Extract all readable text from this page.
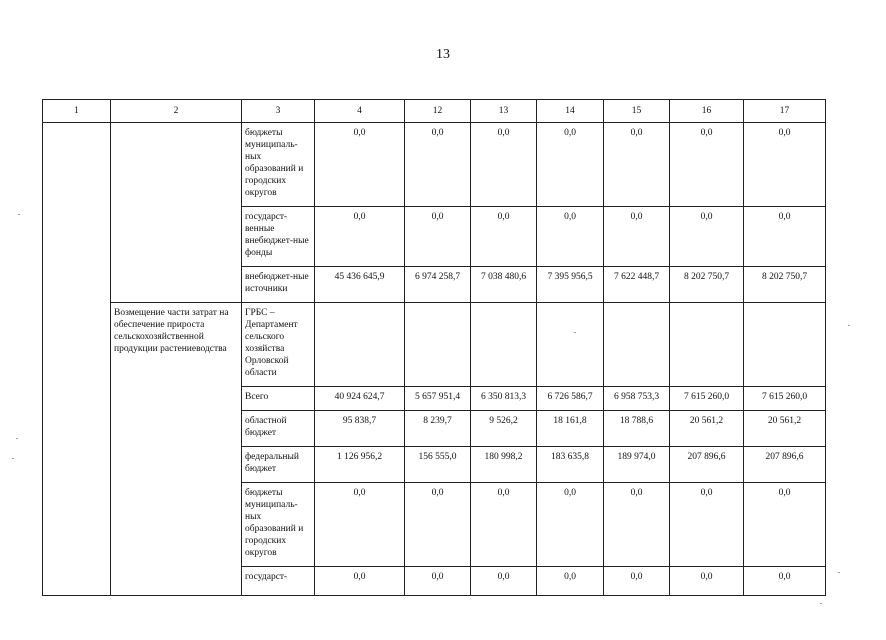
13
1	2	3	4	12	13	14	15	16	17
		бюджеты муниципаль-ных образований и городских округов	0,0	0,0	0,0	0,0	0,0	0,0	0,0
		государст-венные внебюджет-ные фонды	0,0	0,0	0,0	0,0	0,0	0,0	0,0
		внебюджет-ные источники	45 436 645,9	6 974 258,7	7 038 480,6	7 395 956,5	7 622 448,7	8 202 750,7	8 202 750,7
	Возмещение части затрат на обеспечение прироста сельскохозяйственной продукции растениеводства	ГРБС – Департамент сельского хозяйства Орловской области							
		Всего	40 924 624,7	5 657 951,4	6 350 813,3	6 726 586,7	6 958 753,3	7 615 260,0	7 615 260,0
		областной бюджет	95 838,7	8 239,7	9 526,2	18 161,8	18 788,6	20 561,2	20 561,2
		федеральный бюджет	1 126 956,2	156 555,0	180 998,2	183 635,8	189 974,0	207 896,6	207 896,6
		бюджеты муниципаль-ных образований и городских округов	0,0	0,0	0,0	0,0	0,0	0,0	0,0
		государст-	0,0	0,0	0,0	0,0	0,0	0,0	0,0
